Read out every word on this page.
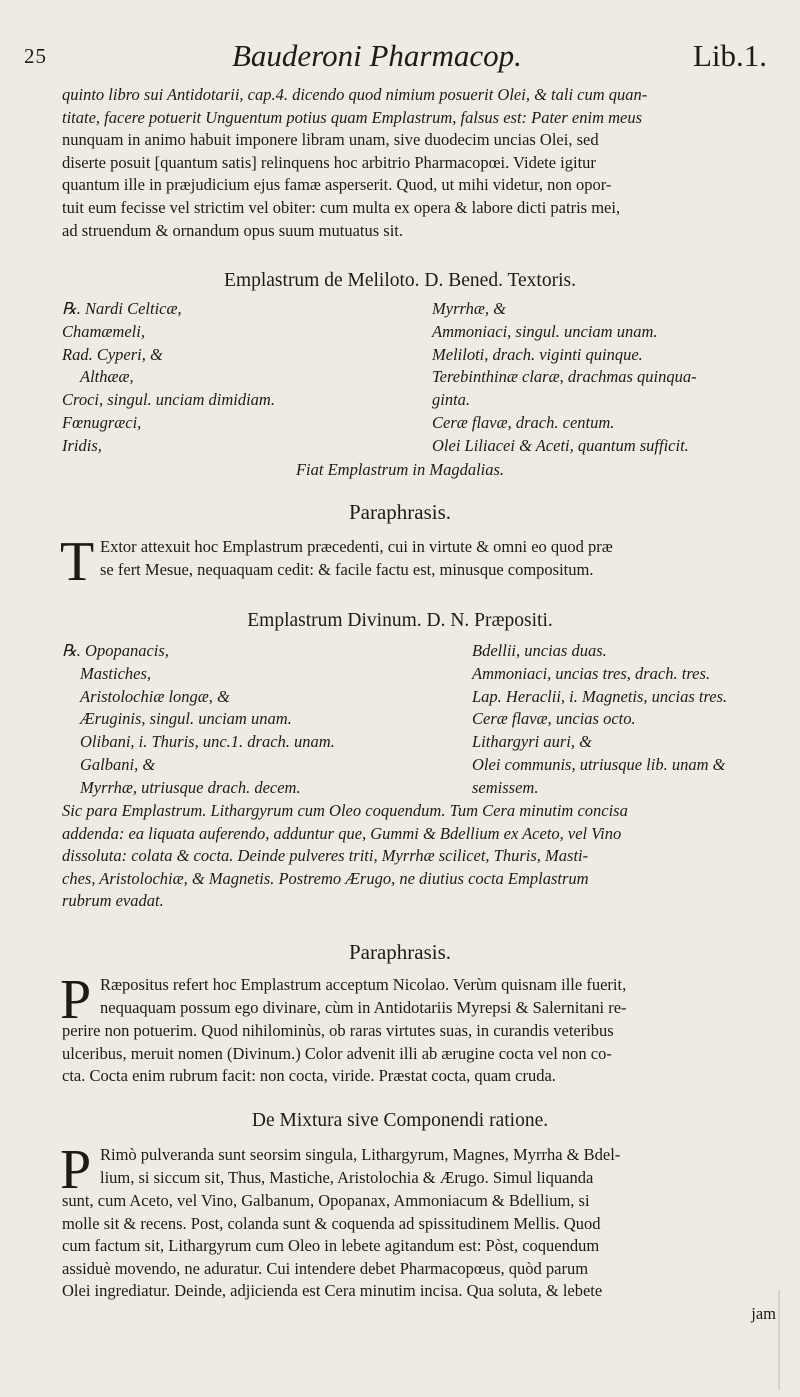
25	Bauderoni Pharmacop.	Lib.1.
quinto libro sui Antidotarii, cap.4. dicendo quod nimium posuerit Olei, & tali cum quan-
titate, facere potuerit Unguentum potius quam Emplastrum, falsus est: Pater enim meus
nunquam in animo habuit imponere libram unam, sive duodecim uncias Olei, sed
diserte posuit [quantum satis] relinquens hoc arbitrio Pharmacopœi. Videte igitur
quantum ille in præjudicium ejus famæ asperserit. Quod, ut mihi videtur, non opor-
tuit eum fecisse vel strictim vel obiter: cum multa ex opera & labore dicti patris mei,
ad struendum & ornandum opus suum mutuatus sit.

Emplastrum de Meliloto. D. Bened. Textoris.

℞. Nardi Celticæ,
Chamæmeli,
Rad. Cyperi, &
Althææ,
Croci, singul. unciam dimidiam.
Fœnugræci,
Iridis,
Myrrhæ, &
Ammoniaci, singul. unciam unam.
Meliloti, drach. viginti quinque.
Terebinthinæ claræ, drachmas quinqua-
ginta.
Ceræ flavæ, drach. centum.
Olei Liliacei & Aceti, quantum sufficit.

Fiat Emplastrum in Magdalias.

Paraphrasis.

T Extor attexuit hoc Emplastrum præcedenti, cui in virtute & omni eo quod præ
se fert Mesue, nequaquam cedit: & facile factu est, minusque compositum.

Emplastrum Divinum. D. N. Præpositi.

℞. Opopanacis,
Mastiches,
Aristolochiæ longæ, &
Æruginis, singul. unciam unam.
Olibani, i. Thuris, unc.1. drach. unam.
Galbani, &
Myrrhæ, utriusque drach. decem.
Bdellii, uncias duas.
Ammoniaci, uncias tres, drach. tres.
Lap. Heraclii, i. Magnetis, uncias tres.
Ceræ flavæ, uncias octo.
Lithargyri auri, &
Olei communis, utriusque lib. unam &
semissem.
Sic para Emplastrum. Lithargyrum cum Oleo coquendum. Tum Cera minutim concisa
addenda: ea liquata auferendo, adduntur que, Gummi & Bdellium ex Aceto, vel Vino
dissoluta: colata & cocta. Deinde pulveres triti, Myrrhæ scilicet, Thuris, Masti-
ches, Aristolochiæ, & Magnetis. Postremo Ærugo, ne diutius cocta Emplastrum
rubrum evadat.

Paraphrasis.

P Ræpositus refert hoc Emplastrum acceptum Nicolao. Verùm quisnam ille fuerit,
nequaquam possum ego divinare, cùm in Antidotariis Myrepsi & Salernitani re-
perire non potuerim. Quod nihilominùs, ob raras virtutes suas, in curandis veteribus
ulceribus, meruit nomen (Divinum.) Color advenit illi ab ærugine cocta vel non co-
cta. Cocta enim rubrum facit: non cocta, viride. Præstat cocta, quam cruda.

De Mixtura sive Componendi ratione.

P Rimò pulveranda sunt seorsim singula, Lithargyrum, Magnes, Myrrha & Bdel-
lium, si siccum sit, Thus, Mastiche, Aristolochia & Ærugo. Simul liquanda
sunt, cum Aceto, vel Vino, Galbanum, Opopanax, Ammoniacum & Bdellium, si
molle sit & recens. Post, colanda sunt & coquenda ad spissitudinem Mellis. Quod
cum factum sit, Lithargyrum cum Oleo in lebete agitandum est: Pòst, coquendum
assiduè movendo, ne aduratur. Cui intendere debet Pharmacopœus, quòd parum
Olei ingrediatur. Deinde, adjicienda est Cera minutim incisa. Qua soluta, & lebete
jam
